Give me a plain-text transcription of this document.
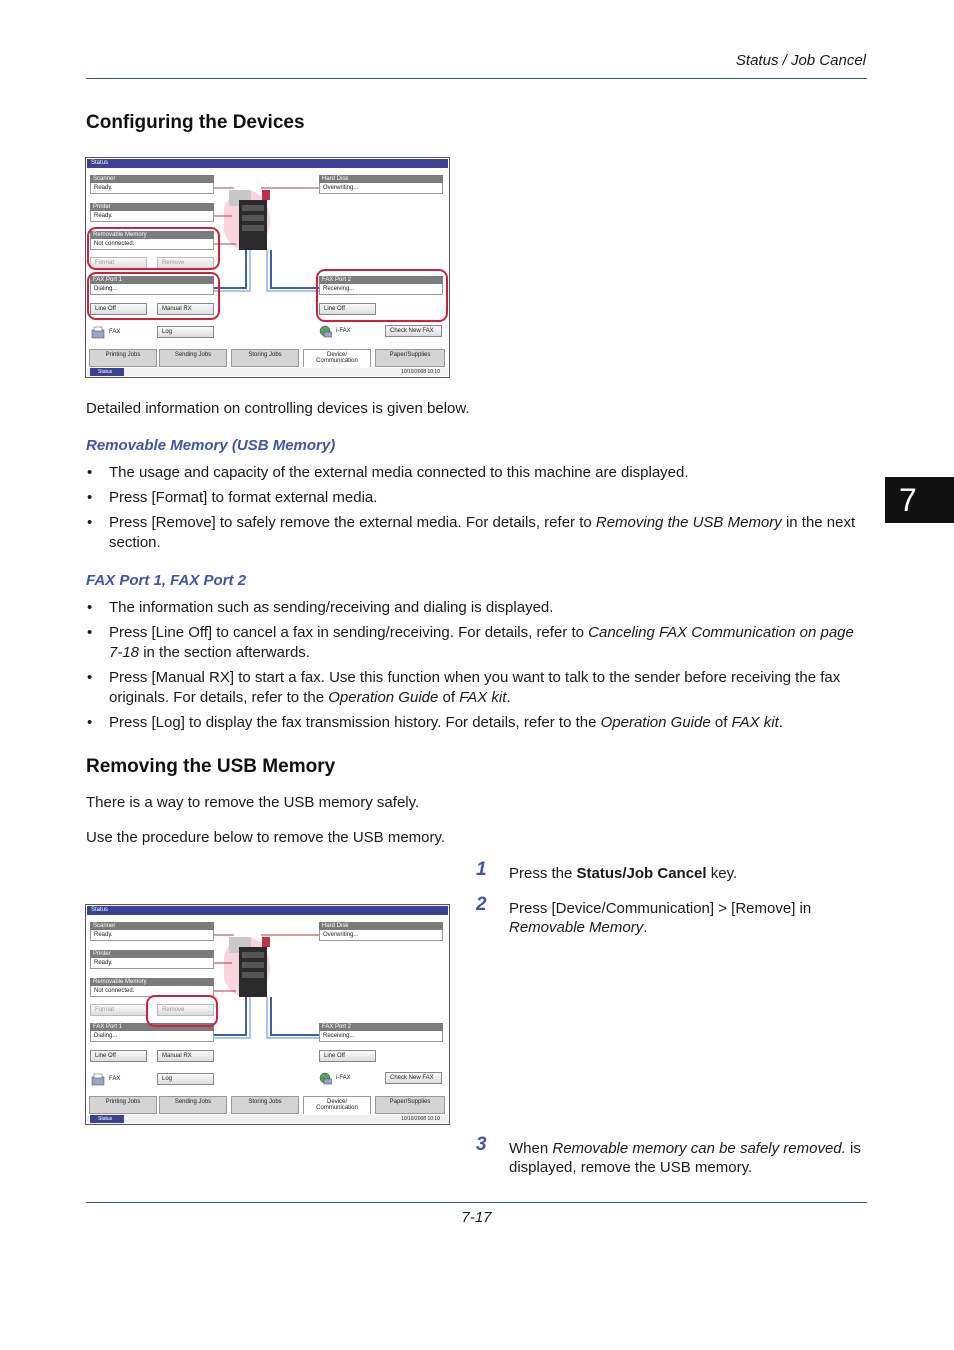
Status / Job Cancel
7
Configuring the Devices
Status
Scanner
Ready.
Printer
Ready.
Removable Memory
Not connected.
Format	Remove
FAX Port 1
Dialing...
Line Off	Manual RX
Hard Disk
Overwriting...
FAX Port 2
Receiving...
Line Off
FAX	Log	i-FAX	Check New FAX
Printing Jobs	Sending Jobs	Storing Jobs	Device/
Communication
Paper/Supplies
Status	10/10/2008 10:10

Detailed information on controlling devices is given below.

Removable Memory (USB Memory)
• The usage and capacity of the external media connected to this machine are displayed.
• Press [Format] to format external media.
• Press [Remove] to safely remove the external media. For details, refer to Removing the USB Memory in the next section.
FAX Port 1, FAX Port 2
• The information such as sending/receiving and dialing is displayed.
• Press [Line Off] to cancel a fax in sending/receiving. For details, refer to Canceling FAX Communication on page 7-18 in the section afterwards.
• Press [Manual RX] to start a fax. Use this function when you want to talk to the sender before receiving the fax originals. For details, refer to the Operation Guide of FAX kit.
• Press [Log] to display the fax transmission history. For details, refer to the Operation Guide of FAX kit.
Removing the USB Memory

There is a way to remove the USB memory safely.

Use the procedure below to remove the USB memory.

Status
Scanner
Ready.
Printer
Ready.
Removable Memory
Not connected.
Format	Remove
FAX Port 1
Dialing...
Line Off	Manual RX
Hard Disk
Overwriting...
FAX Port 2
Receiving...
Line Off
FAX	Log	i-FAX	Check New FAX
Printing Jobs	Sending Jobs	Storing Jobs	Device/
Communication
Paper/Supplies
Status	10/10/2008 10:10
1 Press the Status/Job Cancel key.
2 Press [Device/Communication] > [Remove] in Removable Memory.
3 When Removable memory can be safely removed. is displayed, remove the USB memory.
7-17
